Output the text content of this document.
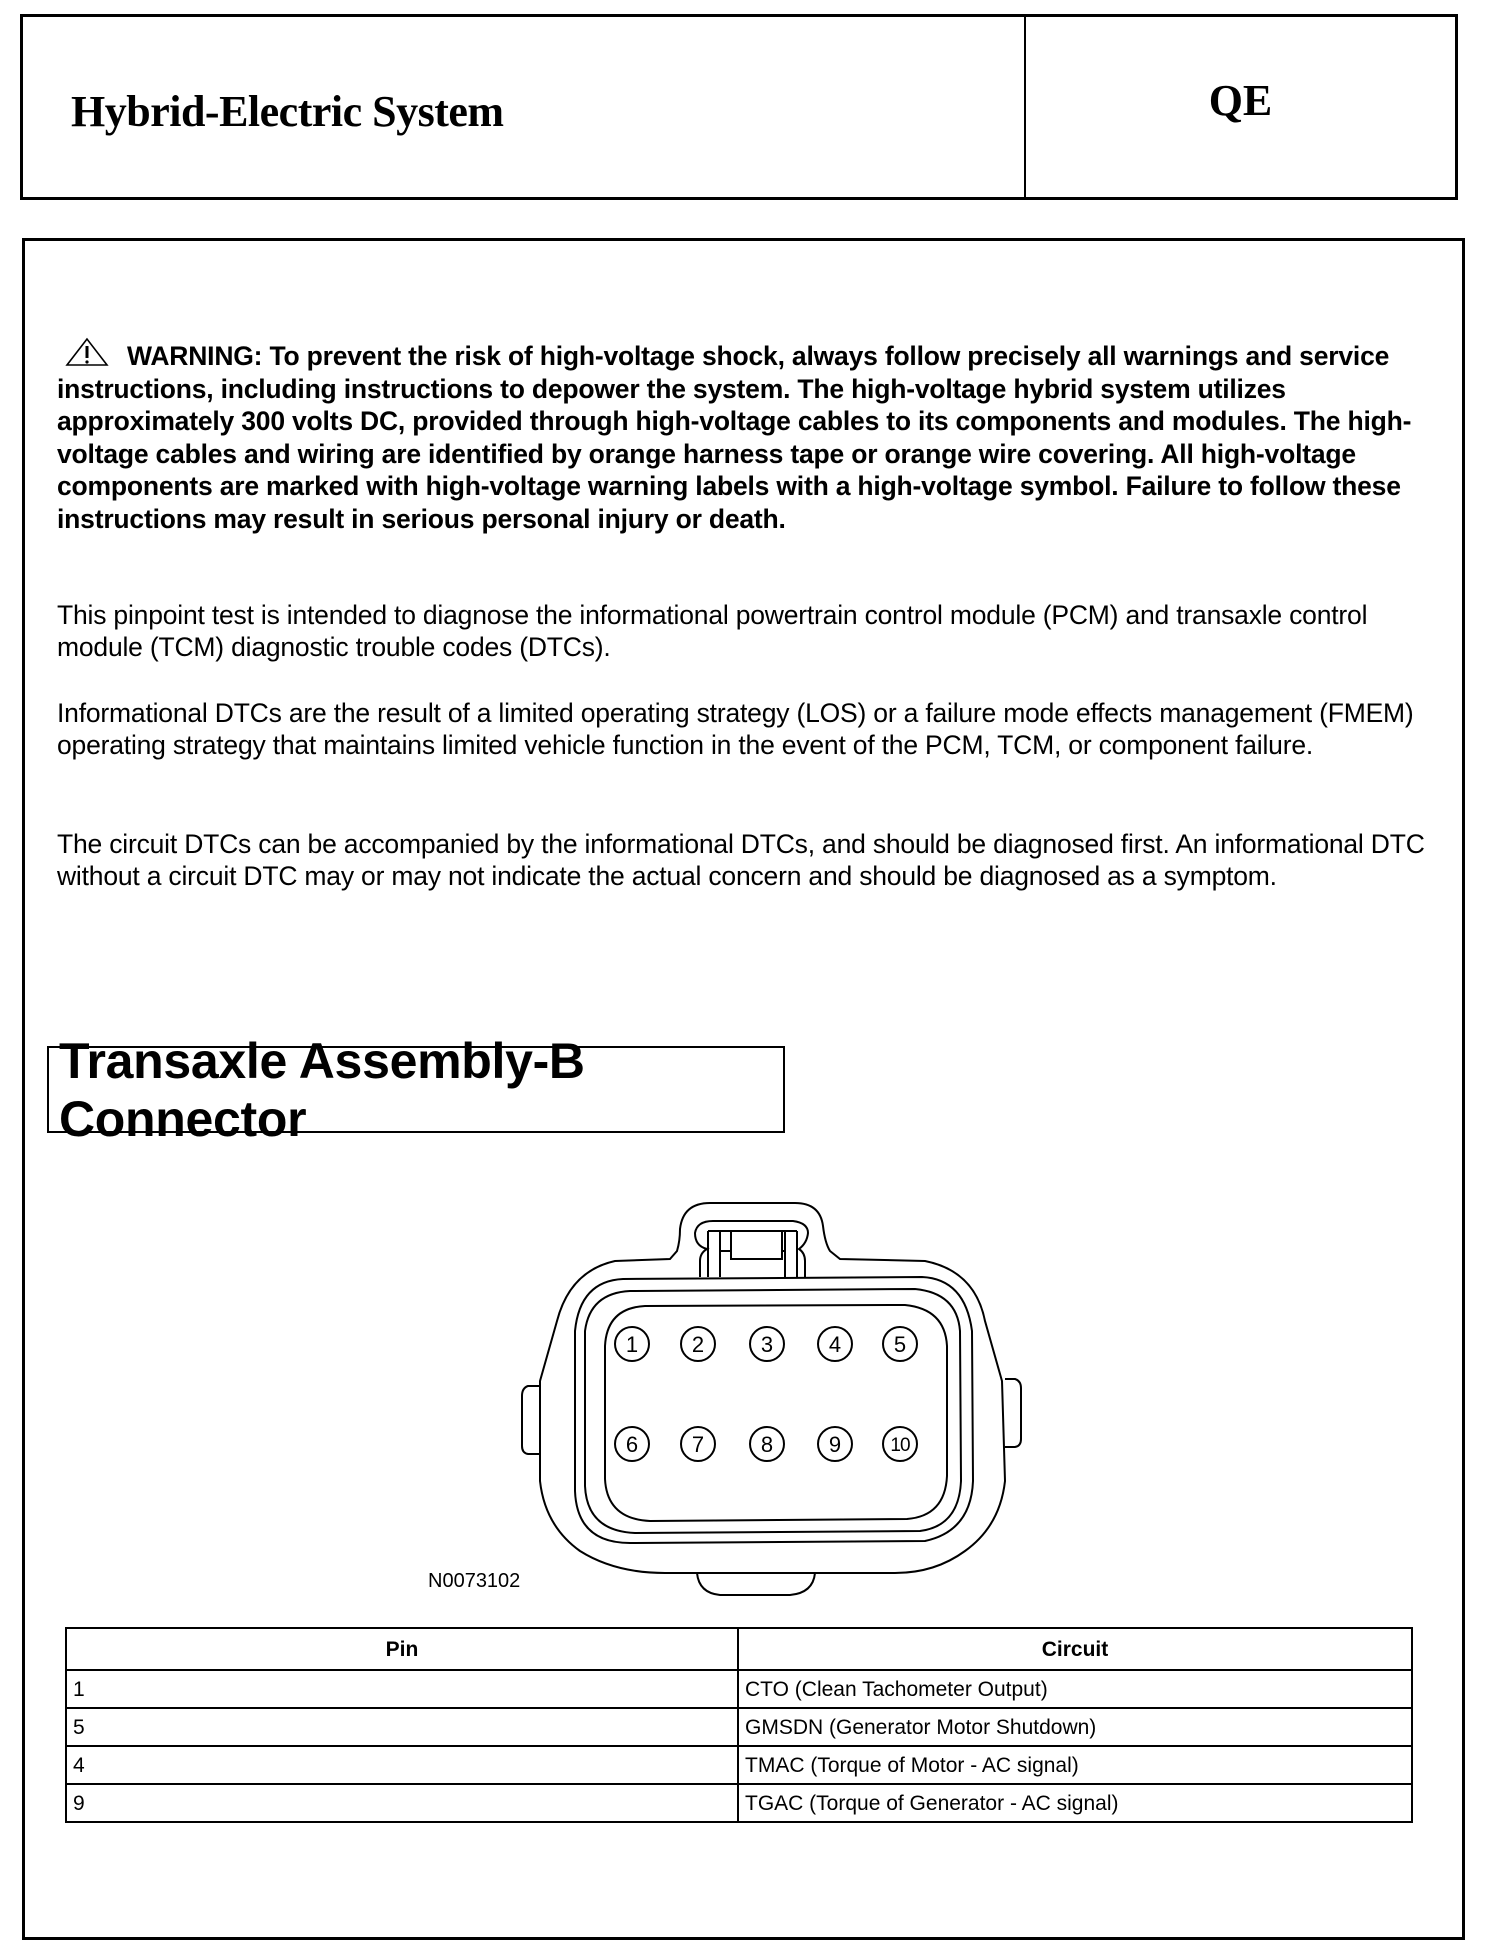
Hybrid-Electric System	QE
WARNING: To prevent the risk of high-voltage shock, always follow precisely all warnings and service instructions, including instructions to depower the system. The high-voltage hybrid system utilizes approximately 300 volts DC, provided through high-voltage cables to its components and modules. The high-voltage cables and wiring are identified by orange harness tape or orange wire covering. All high-voltage components are marked with high-voltage warning labels with a high-voltage symbol. Failure to follow these instructions may result in serious personal injury or death.
This pinpoint test is intended to diagnose the informational powertrain control module (PCM) and transaxle control module (TCM) diagnostic trouble codes (DTCs).
Informational DTCs are the result of a limited operating strategy (LOS) or a failure mode effects management (FMEM) operating strategy that maintains limited vehicle function in the event of the PCM, TCM, or component failure.
The circuit DTCs can be accompanied by the informational DTCs, and should be diagnosed first. An informational DTC without a circuit DTC may or may not indicate the actual concern and should be diagnosed as a symptom.
Transaxle Assembly-B Connector
1 2	3	4 5
6 7	8	9	10
N0073102
Pin	Circuit
1	CTO (Clean Tachometer Output)
5	GMSDN (Generator Motor Shutdown)
4	TMAC (Torque of Motor - AC signal)
9	TGAC (Torque of Generator - AC signal)
